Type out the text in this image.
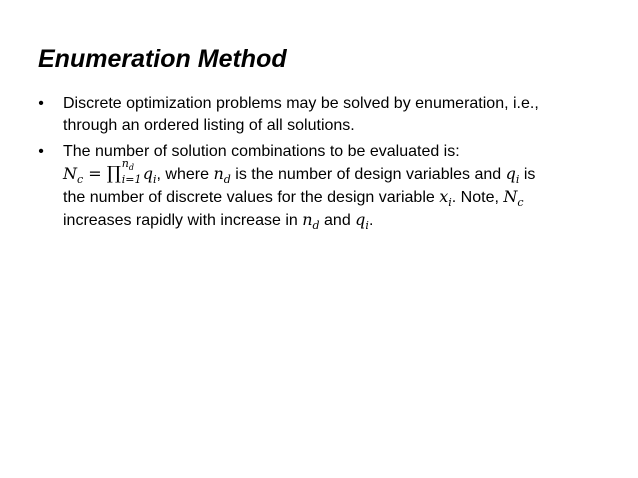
Enumeration Method
• Discrete optimization problems may be solved by enumeration, i.e.,
through an ordered listing of all solutions.
• The number of solution combinations to be evaluated is:
$N_c$ = ∏ $n_d$
i=1 $q_i$, where $n_d$ is the number of design variables and $q_i$ is
the number of discrete values for the design variable $x_i$. Note, $N_c$
increases rapidly with increase in $n_d$ and $q_i$.
